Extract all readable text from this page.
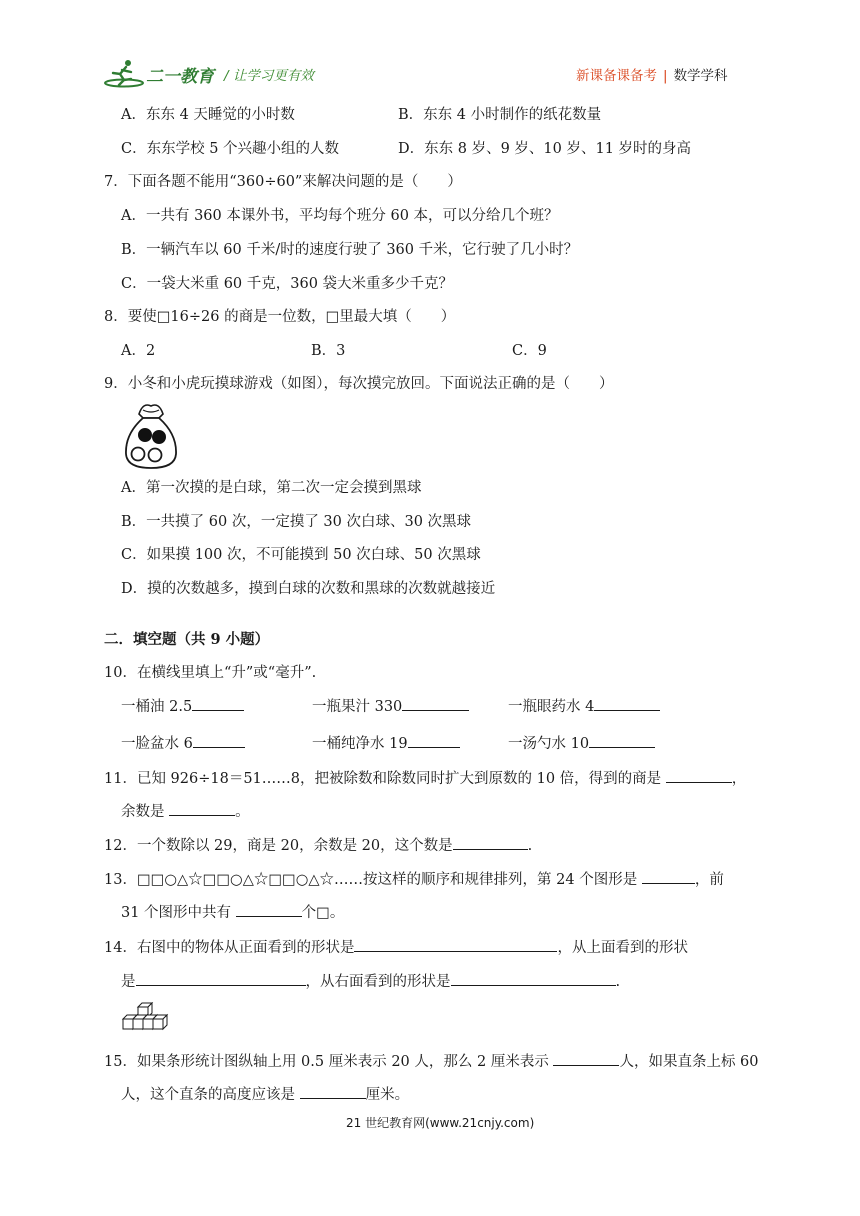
二一教育 / 让学习更有效	新课备课备考 | 数学学科
A．东东 4 天睡觉的小时数	B．东东 4 小时制作的纸花数量
C．东东学校 5 个兴趣小组的人数	D．东东 8 岁、9 岁、10 岁、11 岁时的身高
7．下面各题不能用“360÷60”来解决问题的是（　　）
A．一共有 360 本课外书，平均每个班分 60 本，可以分给几个班？
B．一辆汽车以 60 千米/时的速度行驶了 360 千米，它行驶了几小时？
C．一袋大米重 60 千克，360 袋大米重多少千克？
8．要使□16÷26 的商是一位数，□里最大填（　　）
A．2	B．3	C．9
9．小冬和小虎玩摸球游戏（如图），每次摸完放回。下面说法正确的是（　　）
A．第一次摸的是白球，第二次一定会摸到黑球
B．一共摸了 60 次，一定摸了 30 次白球、30 次黑球
C．如果摸 100 次，不可能摸到 50 次白球、50 次黑球
D．摸的次数越多，摸到白球的次数和黑球的次数就越接近
二．填空题（共 9 小题）
10．在横线里填上“升”或“毫升”.
一桶油 2.5	一瓶果汁 330	一瓶眼药水 4
一脸盆水 6	一桶纯净水 19	一汤勺水 10
11．已知 926÷18＝51……8，把被除数和除数同时扩大到原数的 10 倍，得到的商是	，
余数是	。
12．一个数除以 29，商是 20，余数是 20，这个数是	.
13．□□○△☆□□○△☆□□○△☆……按这样的顺序和规律排列，第 24 个图形是	，前
31 个图形中共有	个□。
14．右图中的物体从正面看到的形状是	，从上面看到的形状
是	，从右面看到的形状是	.
15．如果条形统计图纵轴上用 0.5 厘米表示 20 人，那么 2 厘米表示	人，如果直条上标 60
人，这个直条的高度应该是	厘米。
21 世纪教育网(www.21cnjy.com)
